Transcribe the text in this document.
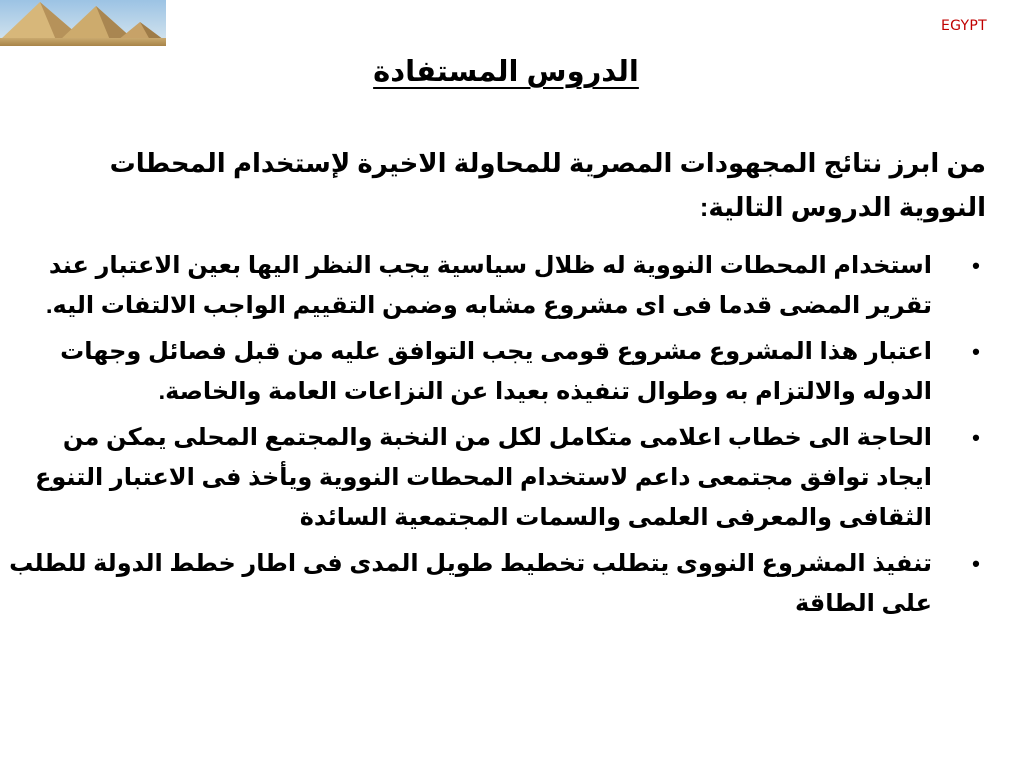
EGYPT
الدروس المستفادة
من ابرز نتائج المجهودات المصرية للمحاولة الاخيرة لإستخدام المحطات النووية الدروس التالية:
•
استخدام المحطات النووية له ظلال سياسية يجب النظر اليها بعين الاعتبار عند تقرير المضى قدما فى اى مشروع مشابه وضمن التقييم الواجب الالتفات اليه.
•
اعتبار هذا المشروع مشروع قومى يجب التوافق عليه من قبل فصائل وجهات الدوله والالتزام به وطوال تنفيذه بعيدا عن النزاعات العامة والخاصة.
•
الحاجة الى خطاب اعلامى متكامل لكل من النخبة والمجتمع المحلى يمكن من ايجاد توافق مجتمعى داعم لاستخدام المحطات النووية ويأخذ فى الاعتبار التنوع الثقافى والمعرفى العلمى والسمات المجتمعية السائدة
•
تنفيذ المشروع النووى يتطلب تخطيط طويل المدى فى اطار خطط الدولة للطلب على الطاقة
